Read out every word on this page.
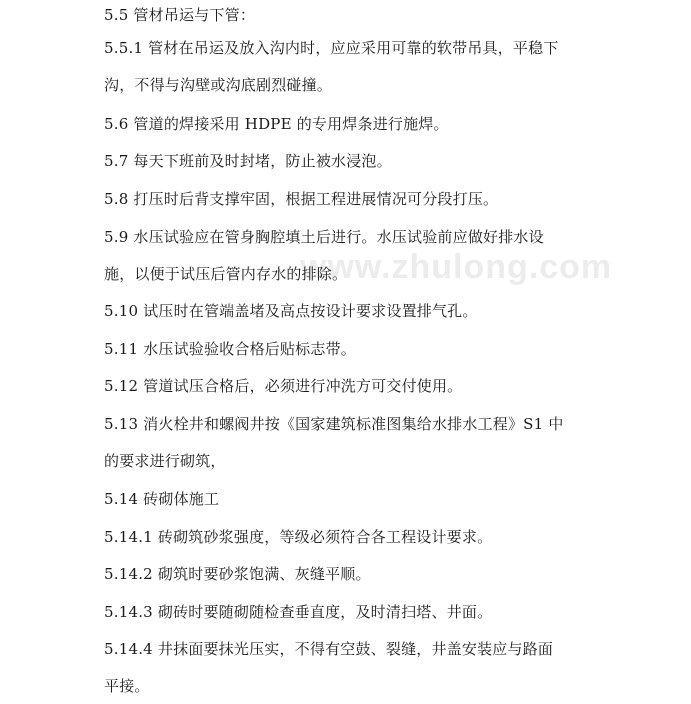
www.zhulong.com
5.5 管材吊运与下管：
5.5.1 管材在吊运及放入沟内时，应应采用可靠的软带吊具，平稳下
沟，不得与沟壁或沟底剧烈碰撞。
5.6 管道的焊接采用 HDPE 的专用焊条进行施焊。
5.7 每天下班前及时封堵，防止被水浸泡。
5.8 打压时后背支撑牢固，根据工程进展情况可分段打压。
5.9 水压试验应在管身胸腔填土后进行。水压试验前应做好排水设
施，以便于试压后管内存水的排除。
5.10 试压时在管端盖堵及高点按设计要求设置排气孔。
5.11 水压试验验收合格后贴标志带。
5.12 管道试压合格后，必须进行冲洗方可交付使用。
5.13 消火栓井和螺阀井按《国家建筑标准图集给水排水工程》S1 中
的要求进行砌筑，
5.14 砖砌体施工
5.14.1 砖砌筑砂浆强度，等级必须符合各工程设计要求。
5.14.2 砌筑时要砂浆饱满、灰缝平顺。
5.14.3 砌砖时要随砌随检查垂直度，及时清扫塔、井面。
5.14.4 井抹面要抹光压实，不得有空鼓、裂缝，井盖安装应与路面
平接。
